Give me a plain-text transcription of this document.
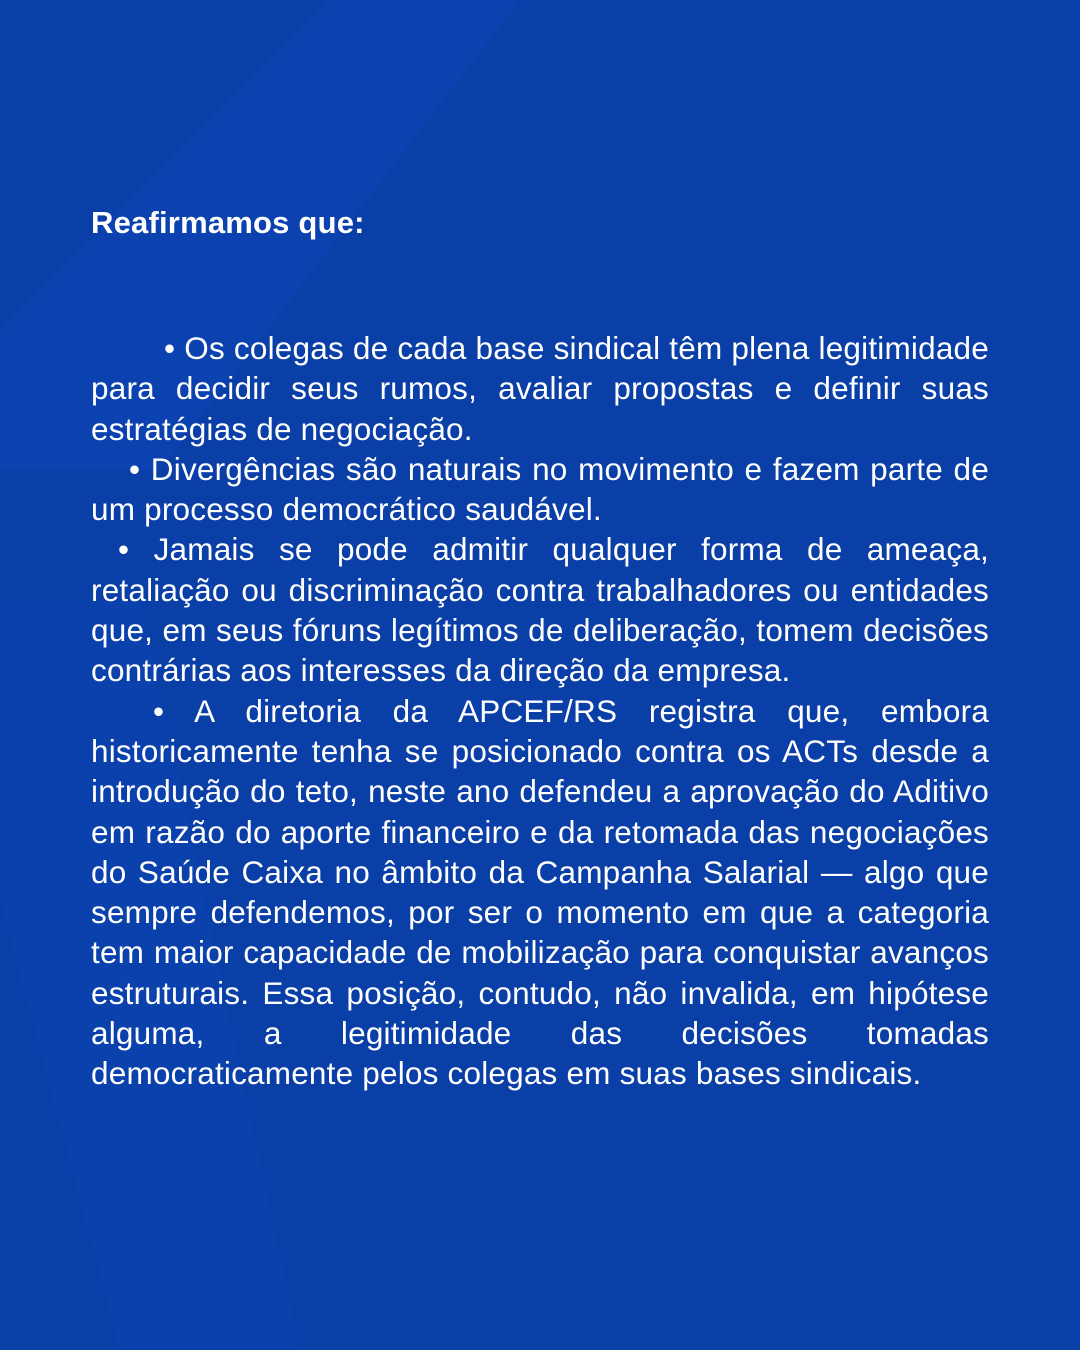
Reafirmamos que:

• Os colegas de cada base sindical têm plena legitimidade para decidir seus rumos, avaliar propostas e definir suas estratégias de negociação.

• Divergências são naturais no movimento e fazem parte de um processo democrático saudável.

• Jamais se pode admitir qualquer forma de ameaça, retaliação ou discriminação contra trabalhadores ou entidades que, em seus fóruns legítimos de deliberação, tomem decisões contrárias aos interesses da direção da empresa.

• A diretoria da APCEF/RS registra que, embora historicamente tenha se posicionado contra os ACTs desde a introdução do teto, neste ano defendeu a aprovação do Aditivo em razão do aporte financeiro e da retomada das negociações do Saúde Caixa no âmbito da Campanha Salarial — algo que sempre defendemos, por ser o momento em que a categoria tem maior capacidade de mobilização para conquistar avanços estruturais. Essa posição, contudo, não invalida, em hipótese alguma, a legitimidade das decisões tomadas democraticamente pelos colegas em suas bases sindicais.
